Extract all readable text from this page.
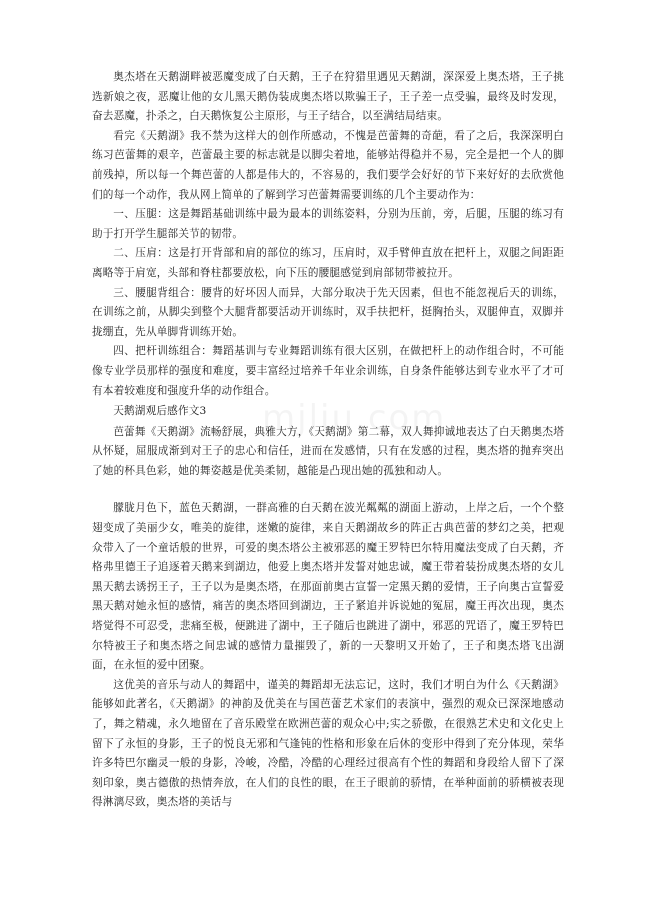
奥杰塔在天鹅湖畔被恶魔变成了白天鹅，王子在狩猎里遇见天鹅湖，深深爱上奥杰塔，王子挑选新娘之夜，恶魔让他的女儿黑天鹅伪装成奥杰塔以欺骗王子，王子差一点受骗，最终及时发现，奋去恶魔，扑杀之，白天鹅恢复公主原形，与王子结合，以至满结局结束。

看完《天鹅湖》我不禁为这样大的创作所感动，不愧是芭蕾舞的奇葩，看了之后，我深深明白练习芭蕾舞的艰辛，芭蕾最主要的标志就是以脚尖着地，能够站得稳并不易，完全是把一个人的脚前残掉，所以每一个舞芭蕾的人都是伟大的，不容易的，我们要学会好好的节下来好好的去欣赏他们的每一个动作，我从网上简单的了解到学习芭蕾舞需要训练的几个主要动作为：

一、压腿：这是舞蹈基础训练中最为最本的训练姿料，分别为压前，旁，后腿，压腿的练习有助于打开学生腿部关节的韧带。

二、压肩：这是打开背部和肩的部位的练习，压肩时，双手臂伸直放在把杆上，双腿之间距距离略等于肩宽，头部和脊柱都要放松，向下压的腰腿感觉到肩部韧带被拉开。

三、腰腿背组合：腰背的好坏因人而异，大部分取决于先天因素，但也不能忽视后天的训练，在训练之前，从脚尖到整个大腿背都要活动开训练时，双手扶把杆，挺胸抬头，双腿伸直，双脚并拢绷直，先从单脚背训练开始。

四、把杆训练组合：舞蹈基训与专业舞蹈训练有很大区别，在做把杆上的动作组合时，不可能像专业学员那样的强度和难度，要丰富经过培养千年业余训练，自身条件能够达到专业水平了才可有本着较难度和强度升华的动作组合。

天鹅湖观后感作文3

芭蕾舞《天鹅湖》流畅舒展，典雅大方，《天鹅湖》第二幕，双人舞抑诚地表达了白天鹅奥杰塔从怀疑，屈服成渐到对王子的忠心和信任，进而在发感情，只有在发感的过程，奥杰塔的抛弃突出了她的杯具色彩，她的舞姿越是优美柔韧，越能是凸现出她的孤独和动人。

朦胧月色下，蓝色天鹅湖，一群高雅的白天鹅在波光粼粼的湖面上游动，上岸之后，一个个整翅变成了美丽少女，唯美的旋律，迷嫩的旋律，来自天鹅湖故乡的阵正古典芭蕾的梦幻之美，把观众带入了一个童话般的世界，可爱的奥杰塔公主被邪恶的魔王罗特巴尔特用魔法变成了白天鹅，齐格弗里德王子追逐着天鹅来到湖边，他爱上奥杰塔并发誓对她忠诚，魔王带着装扮成奥杰塔的女儿黑天鹅去诱拐王子，王子以为是奥杰塔，在那面前奥古宣誓一定黑天鹅的爱情，王子向奥古宣誓爱黑天鹅对她永恒的感情，痛苦的奥杰塔回到湖边，王子紧追并诉说她的冤屈，魔王再次出现，奥杰塔觉得不可忍受，悲痛至极，便跳进了湖中，王子随后也跳进了湖中，邪恶的咒语了，魔王罗特巴尔特被王子和奥杰塔之间忠诚的感情力量摧毁了，新的一天黎明又开始了，王子和奥杰塔飞出湖面，在永恒的爱中团聚。

这优美的音乐与动人的舞蹈中，谨美的舞蹈却无法忘记，这时，我们才明白为什么《天鹅湖》能够如此著名，《天鹅湖》的神韵及优美在与国芭蕾艺术家们的表演中，强烈的观众已深深地感动了，舞之精魂，永久地留在了音乐殿堂在欧洲芭蕾的观众心中;实之骄傲，在很熟艺术史和文化史上留下了永恒的身影，王子的悦良无邪和气逢钝的性格和形象在后休的变形中得到了充分体现，荣华许多特巴尔幽灵一般的身影，冷峻，冷酷，冷酷的心理经过很高有个性的舞蹈和身段给人留下了深刻印象，奥古德傲的热情奔放，在人们的良性的眼，在王子眼前的骄情，在举种面前的骄横被表现得淋漓尽致，奥杰塔的美话与
